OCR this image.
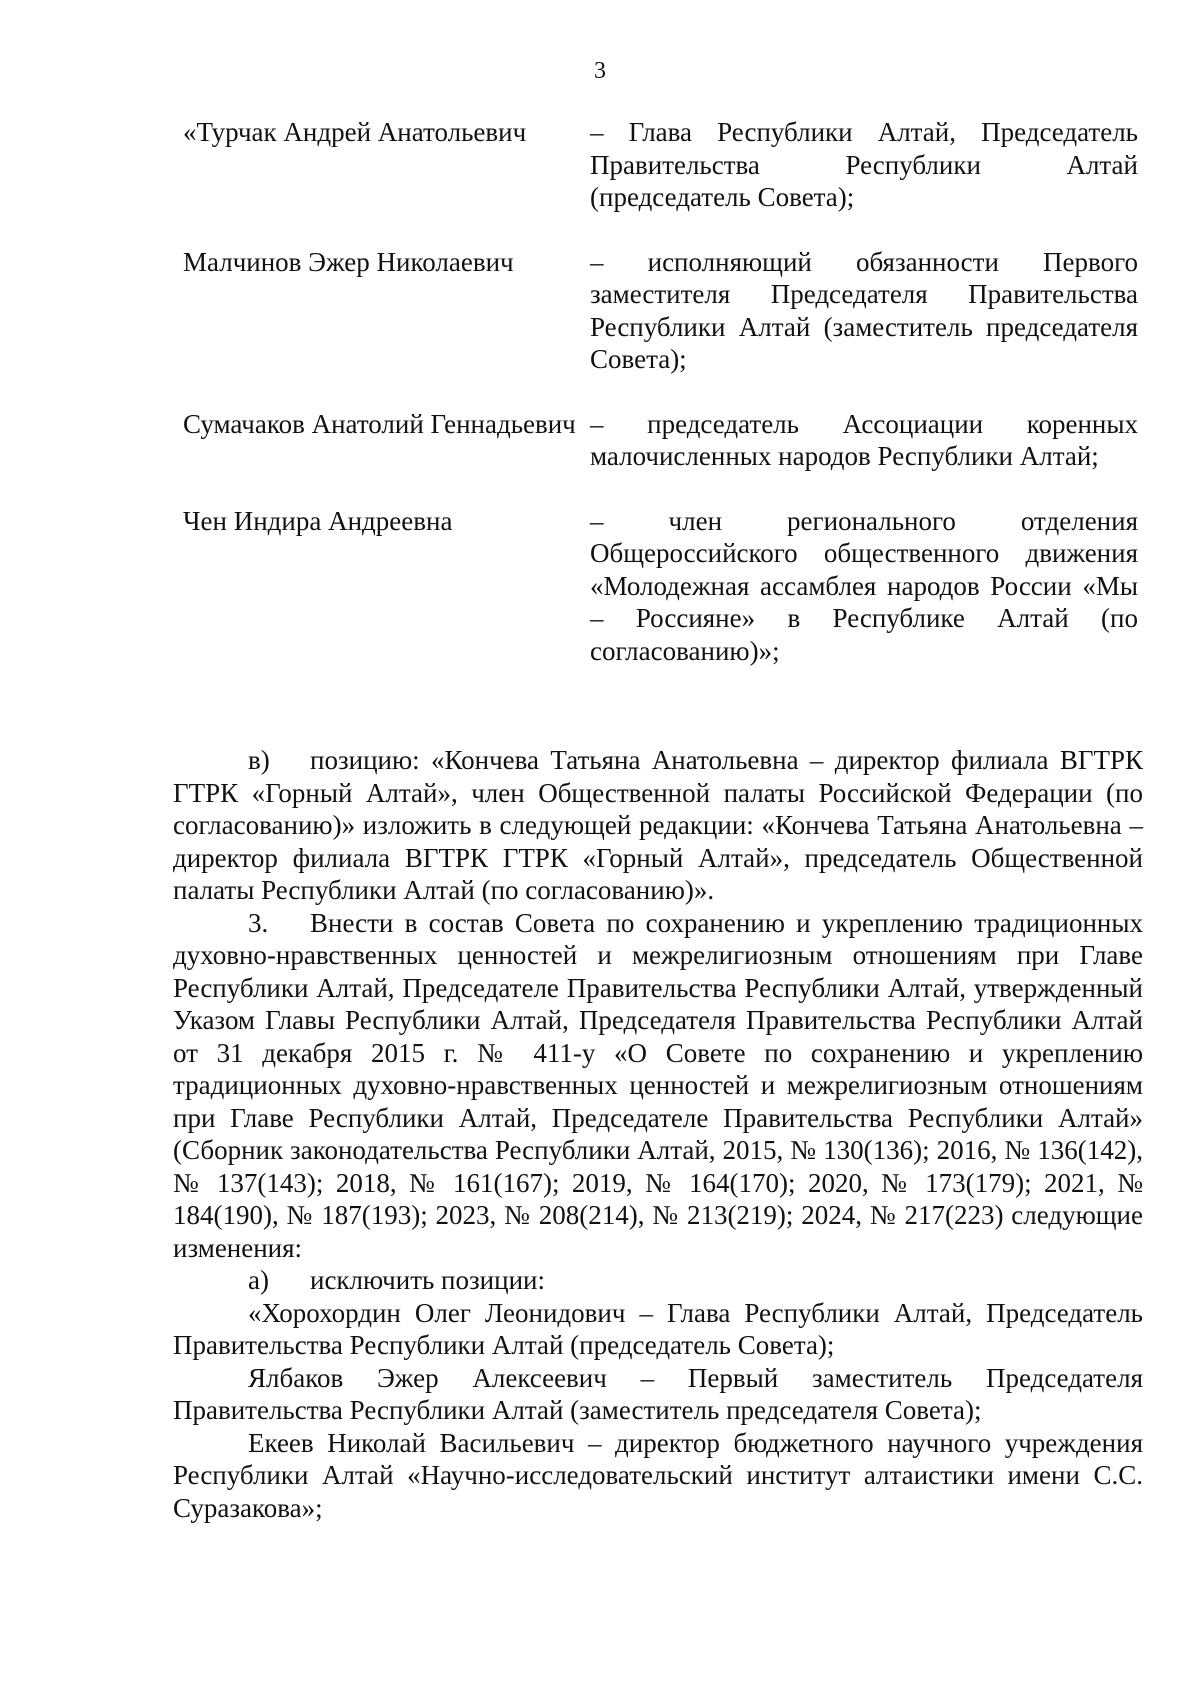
3
«Турчак Андрей Анатольевич	– Глава Республики Алтай, Председатель Правительства Республики Алтай (председатель Совета);
Малчинов Эжер Николаевич	– исполняющий обязанности Первого заместителя Председателя Правительства Республики Алтай (заместитель председателя Совета);
Сумачаков Анатолий Геннадьевич – председатель Ассоциации коренных малочисленных народов Республики Алтай;
Чен Индира Андреевна	– член регионального отделения Общероссийского общественного движения «Молодежная ассамблея народов России «Мы – Россияне» в Республике Алтай (по согласованию)»;

в) позицию: «Кончева Татьяна Анатольевна – директор филиала ВГТРК ГТРК «Горный Алтай», член Общественной палаты Российской Федерации (по согласованию)» изложить в следующей редакции: «Кончева Татьяна Анатольевна – директор филиала ВГТРК ГТРК «Горный Алтай», председатель Общественной палаты Республики Алтай (по согласованию)».

3. Внести в состав Совета по сохранению и укреплению традиционных духовно-нравственных ценностей и межрелигиозным отношениям при Главе Республики Алтай, Председателе Правительства Республики Алтай, утвержденный Указом Главы Республики Алтай, Председателя Правительства Республики Алтай от 31 декабря 2015 г. № 411-у «О Совете по сохранению и укреплению традиционных духовно-нравственных ценностей и межрелигиозным отношениям при Главе Республики Алтай, Председателе Правительства Республики Алтай» (Сборник законодательства Республики Алтай, 2015, № 130(136); 2016, № 136(142), № 137(143); 2018, № 161(167); 2019, № 164(170); 2020, № 173(179); 2021, № 184(190), № 187(193); 2023, № 208(214), № 213(219); 2024, № 217(223) следующие изменения:

а) исключить позиции:

«Хорохордин Олег Леонидович – Глава Республики Алтай, Председатель Правительства Республики Алтай (председатель Совета);

Ялбаков Эжер Алексеевич – Первый заместитель Председателя Правительства Республики Алтай (заместитель председателя Совета);

Екеев Николай Васильевич – директор бюджетного научного учреждения Республики Алтай «Научно-исследовательский институт алтаистики имени С.С. Суразакова»;
